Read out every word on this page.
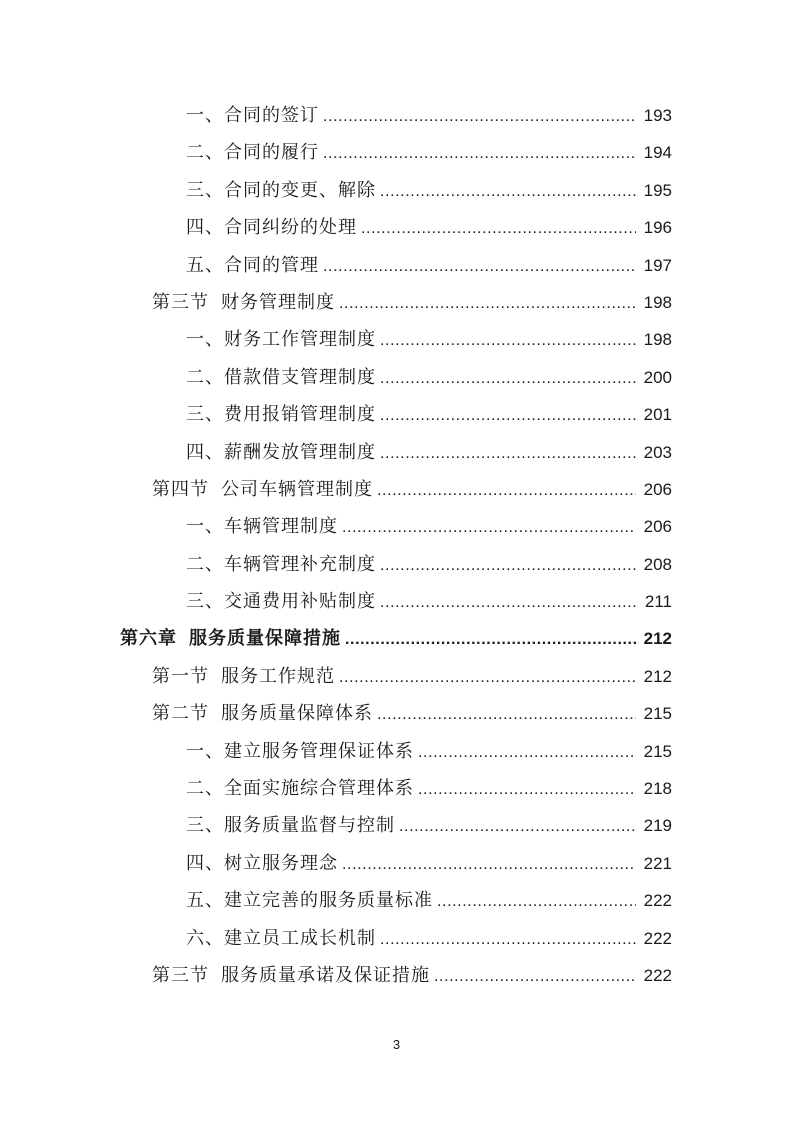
一、合同的签订 .....	193
二、合同的履行 .....	194
三、合同的变更、解除 .....	195
四、合同纠纷的处理 .....	196
五、合同的管理 .....	197
第三节 财务管理制度 .....	198
一、财务工作管理制度 .....	198
二、借款借支管理制度 .....	200
三、费用报销管理制度 .....	201
四、薪酬发放管理制度 .....	203
第四节 公司车辆管理制度 .....	206
一、车辆管理制度 .....	206
二、车辆管理补充制度 .....	208
三、交通费用补贴制度 .....	211
第六章 服务质量保障措施 .....	212
第一节 服务工作规范 .....	212
第二节 服务质量保障体系 .....	215
一、建立服务管理保证体系 .....	215
二、全面实施综合管理体系 .....	218
三、服务质量监督与控制 .....	219
四、树立服务理念 .....	221
五、建立完善的服务质量标准 .....	222
六、建立员工成长机制 .....	222
第三节 服务质量承诺及保证措施 .....	222
3
